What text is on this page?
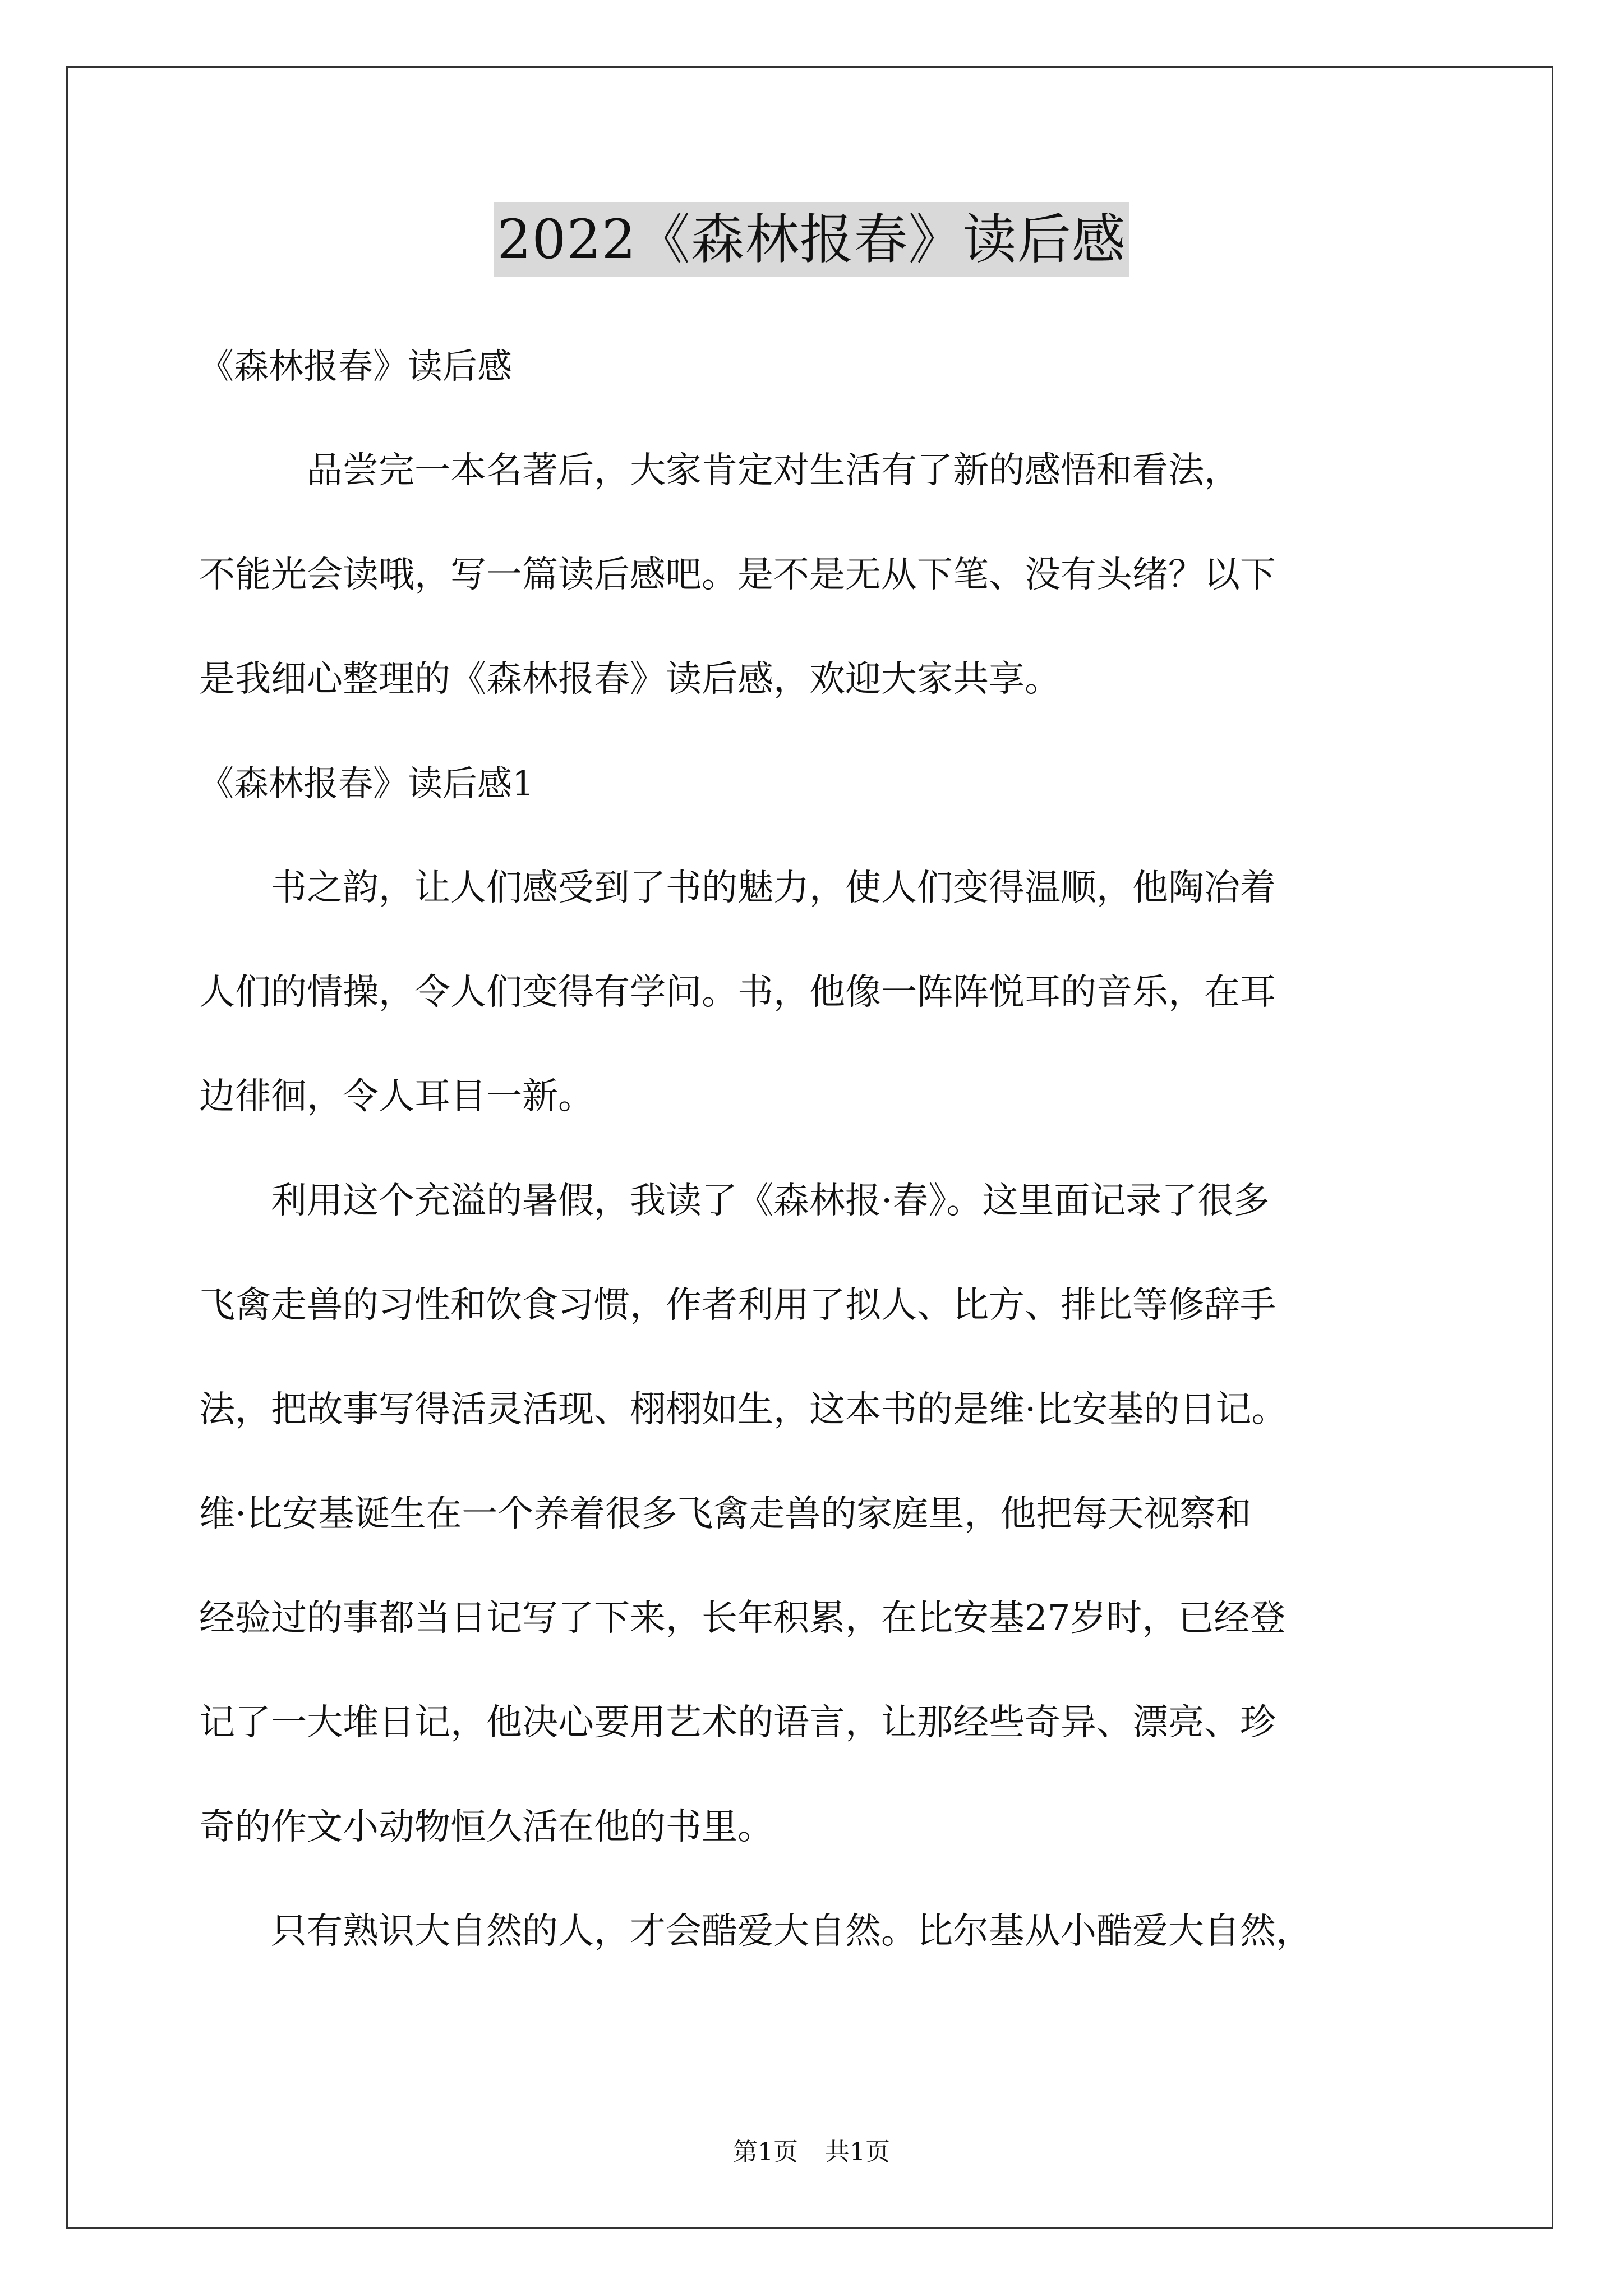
2022《森林报春》读后感
《森林报春》读后感
　　　品尝完一本名著后，大家肯定对生活有了新的感悟和看法，
不能光会读哦，写一篇读后感吧。是不是无从下笔、没有头绪？以下
是我细心整理的《森林报春》读后感，欢迎大家共享。
《森林报春》读后感1
　　书之韵，让人们感受到了书的魅力，使人们变得温顺，他陶冶着
人们的情操，令人们变得有学问。书，他像一阵阵悦耳的音乐，在耳
边徘徊，令人耳目一新。
　　利用这个充溢的暑假，我读了《森林报·春》。这里面记录了很多
飞禽走兽的习性和饮食习惯，作者利用了拟人、比方、排比等修辞手
法，把故事写得活灵活现、栩栩如生，这本书的是维·比安基的日记。
维·比安基诞生在一个养着很多飞禽走兽的家庭里，他把每天视察和
经验过的事都当日记写了下来，长年积累，在比安基27岁时，已经登
记了一大堆日记，他决心要用艺术的语言，让那经些奇异、漂亮、珍
奇的作文小动物恒久活在他的书里。
　　只有熟识大自然的人，才会酷爱大自然。比尔基从小酷爱大自然，
第1页 共1页
